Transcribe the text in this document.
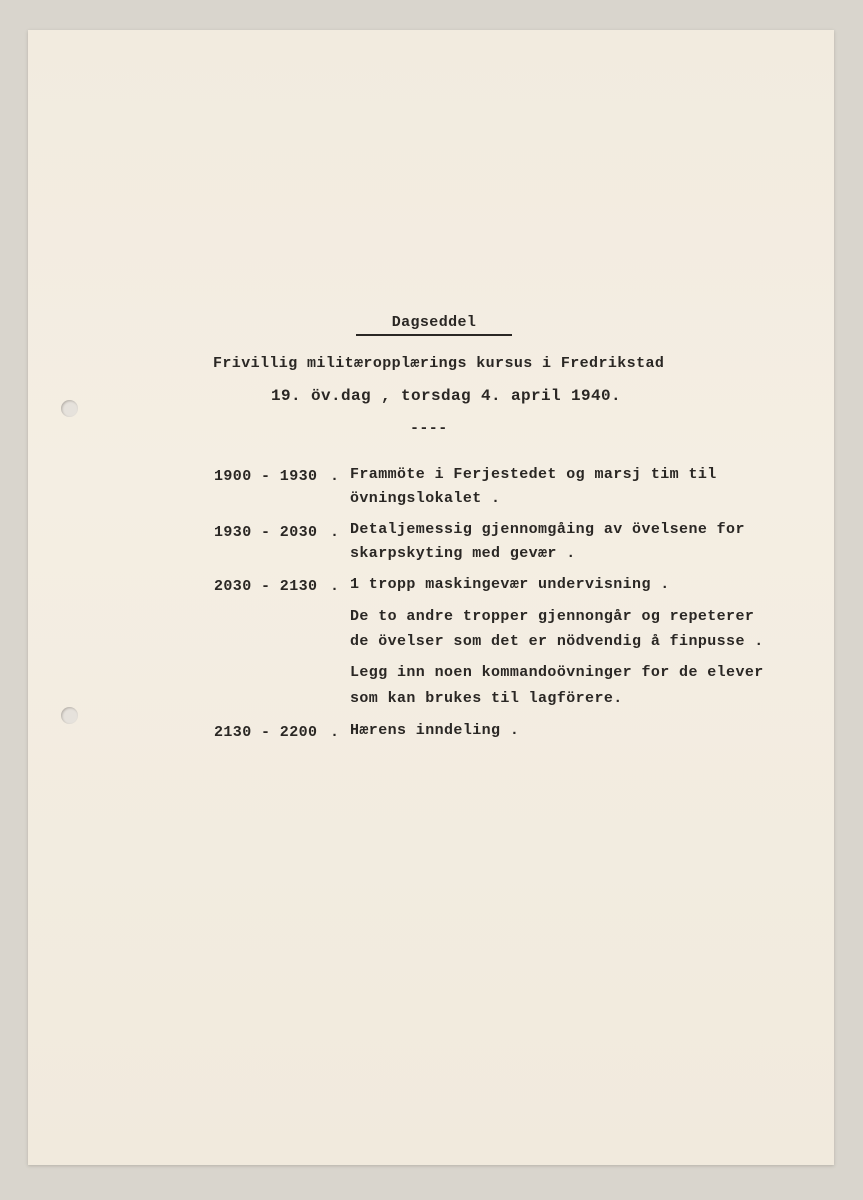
Dagseddel
Frivillig militæropplærings kursus i Fredrikstad
19. öv.dag , torsdag 4. april 1940.
----
1900 - 1930 . Frammöte i Ferjestedet og marsj tim til
övningslokalet .
1930 - 2030 . Detaljemessig gjennomgåing av övelsene for
skarpskyting med gevær .
2030 - 2130 . 1 tropp maskingevær undervisning .
De to andre tropper gjennongår og repeterer
de övelser som det er nödvendig å finpusse .
Legg inn noen kommandoövninger for de elever
som kan brukes til lagförere.
2130 - 2200 . Hærens inndeling .
